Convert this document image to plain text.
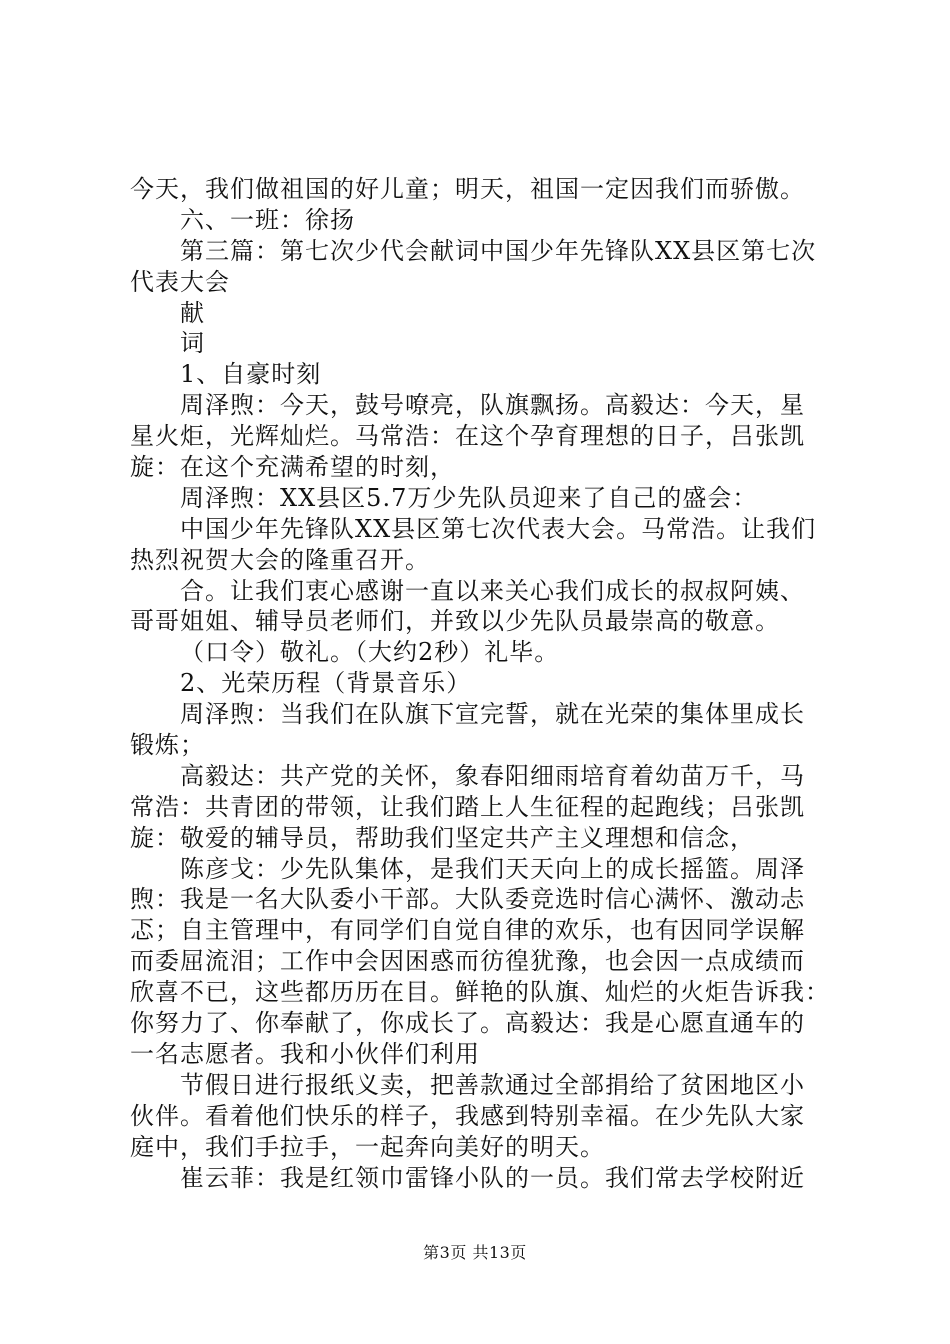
今天，我们做祖国的好儿童；明天，祖国一定因我们而骄傲。
六、一班：徐扬
第三篇：第七次少代会献词中国少年先锋队XX县区第七次
代表大会
献
词
1、自豪时刻
周泽煦：今天，鼓号嘹亮，队旗飘扬。高毅达：今天，星
星火炬，光辉灿烂。马常浩：在这个孕育理想的日子，吕张凯
旋：在这个充满希望的时刻，
周泽煦：XX县区5.7万少先队员迎来了自己的盛会：
中国少年先锋队XX县区第七次代表大会。马常浩。让我们
热烈祝贺大会的隆重召开。
合。让我们衷心感谢一直以来关心我们成长的叔叔阿姨、
哥哥姐姐、辅导员老师们，并致以少先队员最崇高的敬意。
（口令）敬礼。（大约2秒）礼毕。
2、光荣历程（背景音乐）
周泽煦：当我们在队旗下宣完誓，就在光荣的集体里成长
锻炼；
高毅达：共产党的关怀，象春阳细雨培育着幼苗万千，马
常浩：共青团的带领，让我们踏上人生征程的起跑线；吕张凯
旋：敬爱的辅导员，帮助我们坚定共产主义理想和信念，
陈彦戈：少先队集体，是我们天天向上的成长摇篮。周泽
煦：我是一名大队委小干部。大队委竞选时信心满怀、激动忐
忑；自主管理中，有同学们自觉自律的欢乐，也有因同学误解
而委屈流泪；工作中会因困惑而彷徨犹豫，也会因一点成绩而
欣喜不已，这些都历历在目。鲜艳的队旗、灿烂的火炬告诉我：
你努力了、你奉献了，你成长了。高毅达：我是心愿直通车的
一名志愿者。我和小伙伴们利用
节假日进行报纸义卖，把善款通过全部捐给了贫困地区小
伙伴。看着他们快乐的样子，我感到特别幸福。在少先队大家
庭中，我们手拉手，一起奔向美好的明天。
崔云菲：我是红领巾雷锋小队的一员。我们常去学校附近
第3页 共13页
